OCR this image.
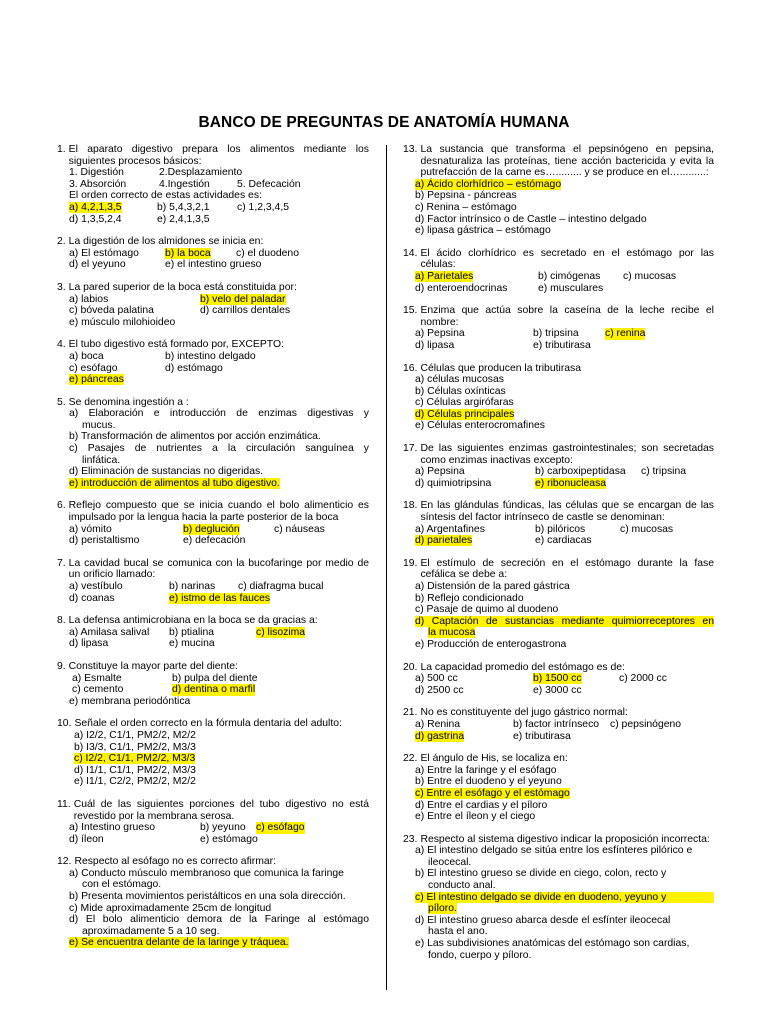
BANCO DE PREGUNTAS DE ANATOMÍA HUMANA
1. El aparato digestivo prepara los alimentos mediante los siguientes procesos básicos:
1. Digestión	2.Desplazamiento
3. Absorción	4.Ingestión	5. Defecación
El orden correcto de estas actividades es:
a) 4,2,1,3,5	b) 5,4,3,2,1	c) 1,2,3,4,5
d) 1,3,5,2,4	e) 2,4,1,3,5
2. La digestión de los almidones se inicia en:
a) El estómago	b) la boca	c) el duodeno
d) el yeyuno	e) el intestino grueso
3. La pared superior de la boca está constituida por:
a) labios	b) velo del paladar
c) bóveda palatina	d) carrillos dentales
e) músculo milohioideo
4. El tubo digestivo está formado por, EXCEPTO:
a) boca	b) intestino delgado
c) esófago	d) estómago
e) páncreas
5. Se denomina ingestión a :
a) Elaboración e introducción de enzimas digestivas y
mucus.
b) Transformación de alimentos por acción enzimática.
c) Pasajes de nutrientes a la circulación sanguínea y
linfática.
d) Eliminación de sustancias no digeridas.
e) introducción de alimentos al tubo digestivo.
6. Reflejo compuesto que se inicia cuando el bolo alimenticio es impulsado por la lengua hacia la parte posterior de la boca
a) vómito	b) deglución	c) náuseas
d) peristaltismo	e) defecación
7. La cavidad bucal se comunica con la bucofaringe por medio de un orificio llamado:
a) vestíbulo	b) narinas	c) diafragma bucal
d) coanas	e) istmo de las fauces
8. La defensa antimicrobiana en la boca se da gracias a:
a) Amilasa salival	b) ptialina	c) lisozima
d) lipasa	e) mucina
9. Constituye la mayor parte del diente:
a) Esmalte	b) pulpa del diente
c) cemento	d) dentina o marfil
e) membrana periodóntica
10. Señale el orden correcto en la fórmula dentaria del adulto:
a) I2/2, C1/1, PM2/2, M2/2
b) I3/3, C1/1, PM2/2, M3/3
c) I2/2, C1/1, PM2/2, M3/3
d) I1/1, C1/1, PM2/2, M3/3
e) I1/1, C2/2, PM2/2, M2/2
11. Cuál de las siguientes porciones del tubo digestivo no está revestido por la membrana serosa.
a) Intestino grueso	b) yeyuno c) esófago
d) íleon	e) estómago
12. Respecto al esófago no es correcto afirmar:
a) Conducto músculo membranoso que comunica la faringe
con el estómago.
b) Presenta movimientos peristálticos en una sola dirección.
c) Mide aproximadamente 25cm de longitud
d) El bolo alimenticio demora de la Faringe al estómago
aproximadamente 5 a 10 seg.
e) Se encuentra delante de la laringe y tráquea.
13. La sustancia que transforma el pepsinógeno en pepsina, desnaturaliza las proteínas, tiene acción bactericida y evita la putrefacción de la carne es…......... y se produce en el….........:
a) Ácido clorhídrico – estómago
b) Pepsina - páncreas
c) Renina – estómago
d) Factor intrínsico o de Castle – intestino delgado
e) lipasa gástrica – estómago
14. El ácido clorhídrico es secretado en el estómago por las células:
a) Parietales	b) cimógenas	c) mucosas
d) enteroendocrinas	e) musculares
15. Enzima que actúa sobre la caseína de la leche recibe el nombre:
a) Pepsina	b) tripsina	c) renina
d) lipasa	e) tributirasa
16. Células que producen la tributirasa
a) células mucosas
b) Células oxínticas
c) Células argirófaras
d) Células principales
e) Células enterocromafines
17. De las siguientes enzimas gastrointestinales; son secretadas como enzimas inactivas excepto:
a) Pepsina	b) carboxipeptidasa	c) tripsina
d) quimiotripsina	e) ribonucleasa
18. En las glándulas fúndicas, las células que se encargan de las síntesis del factor intrínseco de castle se denominan:
a) Argentafines	b) pilóricos	c) mucosas
d) parietales	e) cardiacas
19. El estímulo de secreción en el estómago durante la fase cefálica se debe a:
a) Distensión de la pared gástrica
b) Reflejo condicionado
c) Pasaje de quimo al duodeno
d) Captación de sustancias mediante quimiorreceptores en
la mucosa
e) Producción de enterogastrona
20. La capacidad promedio del estómago es de:
a) 500 cc	b) 1500 cc	c) 2000 cc
d) 2500 cc	e) 3000 cc
21. No es constituyente del jugo gástrico normal:
a) Renina	b) factor intrínseco	c) pepsinógeno
d) gastrina	e) tributirasa
22. El ángulo de His, se localiza en:
a) Entre la faringe y el esófago
b) Entre el duodeno y el yeyuno
c) Entre el esófago y el estómago
d) Entre el cardias y el píloro
e) Entre el íleon y el ciego
23. Respecto al sistema digestivo indicar la proposición incorrecta:
a) El intestino delgado se sitúa entre los esfínteres pilórico e
ileocecal.
b) El intestino grueso se divide en ciego, colon, recto y
conducto anal.
c) El intestino delgado se divide en duodeno, yeyuno y
píloro.
d) El intestino grueso abarca desde el esfínter ileocecal
hasta el ano.
e) Las subdivisiones anatómicas del estómago son cardias,
fondo, cuerpo y píloro.
